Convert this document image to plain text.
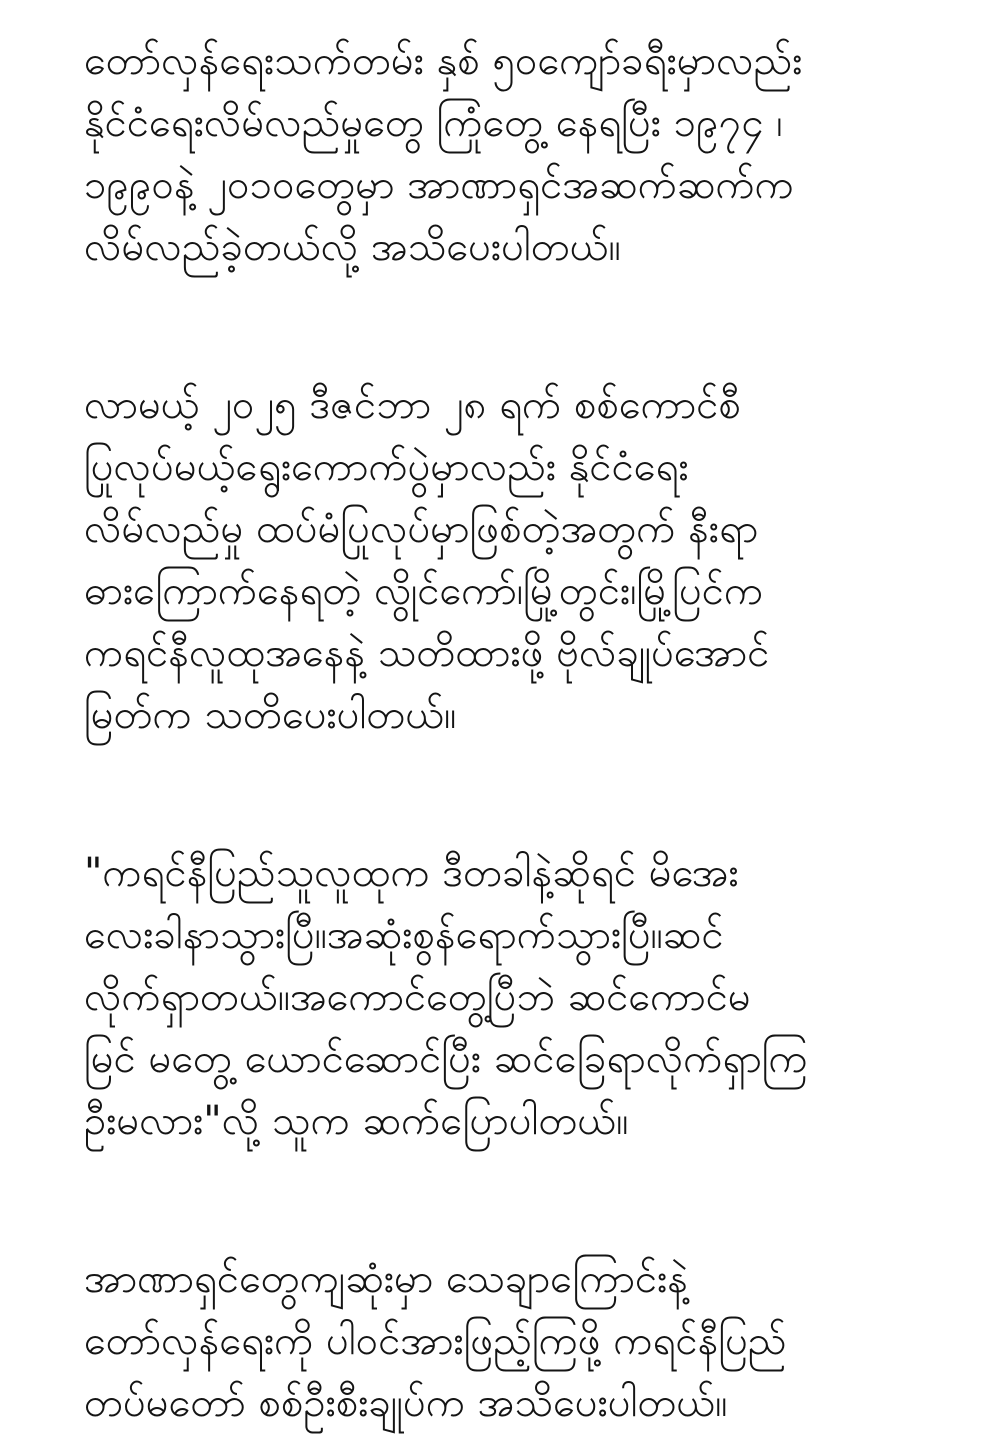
တော်လှန်ရေးသက်တမ်း နှစ် ၅၀ကျော်ခရီးမှာလည်း
နိုင်ငံရေးလိမ်လည်မှုတွေ ကြုံတွေ့ နေရပြီး ၁၉၇၄ ၊
၁၉၉၀နဲ့ ၂၀၁၀တွေမှာ အာဏာရှင်အဆက်ဆက်က
လိမ်လည်ခဲ့တယ်လို့ အသိပေးပါတယ်။

လာမယ့် ၂၀၂၅ ဒီဇင်ဘာ ၂၈ ရက် စစ်ကောင်စီ
ပြုလုပ်မယ့်ရွေးကောက်ပွဲမှာလည်း နိုင်ငံရေး
လိမ်လည်မှု ထပ်မံပြုလုပ်မှာဖြစ်တဲ့အတွက် နီးရာ
ဓားကြောက်နေရတဲ့ လွိုင်ကော်၊မြို့တွင်း၊မြို့ပြင်က
ကရင်နီလူထုအနေနဲ့ သတိထားဖို့ ဗိုလ်ချုပ်အောင်
မြတ်က သတိပေးပါတယ်။

"ကရင်နီပြည်သူလူထုက ဒီတခါနဲ့ဆိုရင် မိအေး
လေးခါနာသွားပြီ။အဆုံးစွန်ရောက်သွားပြီ။ဆင်
လိုက်ရှာတယ်။အကောင်တွေ့ပြီဘဲ ဆင်ကောင်မ
မြင် မတွေ့ ယောင်ဆောင်ပြီး ဆင်ခြေရာလိုက်ရှာကြ
ဦးမလား"လို့ သူက ဆက်ပြောပါတယ်။

အာဏာရှင်တွေကျဆုံးမှာ သေချာကြောင်းနဲ့
တော်လှန်ရေးကို ပါဝင်အားဖြည့်ကြဖို့ ကရင်နီပြည်
တပ်မတော် စစ်ဦးစီးချုပ်က အသိပေးပါတယ်။
